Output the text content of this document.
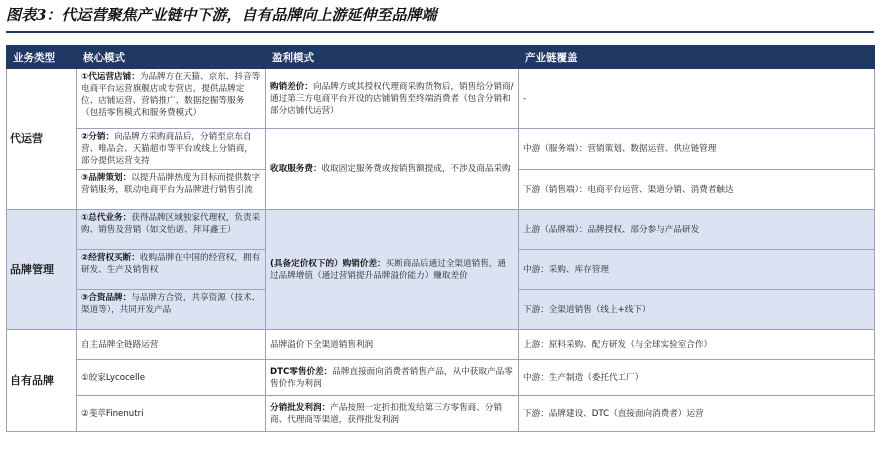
图表3：代运营聚焦产业链中下游，自有品牌向上游延伸至品牌端
业务类型	核心模式	盈利模式	产业链覆盖
代运营	①代运营店铺：为品牌方在天猫、京东、抖音等电商平台运营旗舰店或专营店，提供品牌定位、店铺运营、营销推广、数据挖掘等服务（包括零售模式和服务费模式）	购销差价：向品牌方或其授权代理商采购货物后，销售给分销商/通过第三方电商平台开设的店铺销售至终端消费者（包含分销和部分店铺代运营）	-
	②分销：向品牌方采购商品后，分销至京东自营、唯品会、天猫超市等平台或线上分销商，部分提供运营支持	收取服务费：收取固定服务费或按销售额提成，不涉及商品采购	中游（服务端）：营销策划、数据运营、供应链管理
	③品牌策划：以提升品牌热度为目标而提供数字营销服务，联动电商平台为品牌进行销售引流		下游（销售端）：电商平台运营、渠道分销、消费者触达
品牌管理	①总代业务：获得品牌区域独家代理权，负责采购、销售及营销（如文怡诺、拜耳鑫王）	(具备定价权下的）购销价差：买断商品后通过全渠道销售，通过品牌增值（通过营销提升品牌溢价能力）赚取差价	上游（品牌端）：品牌授权、部分参与产品研发
	②经营权买断：收购品牌在中国的经营权，拥有研发、生产及销售权		中游：采购、库存管理
	③合资品牌：与品牌方合资，共享资源（技术、渠道等），共同开发产品		下游：全渠道销售（线上+线下）
自有品牌	自主品牌全链路运营	品牌溢价下全渠道销售利润	上游：原料采购、配方研发（与全球实验室合作）
	①皎家Lycocelle	DTC零售价差：品牌直接面向消费者销售产品，从中获取产品零售价作为利润	中游：生产制造（委托代工厂）
	②斐萃Finenutri	分销批发利润：产品按照一定折扣批发给第三方零售商、分销商、代理商等渠道，获得批发利润	下游：品牌建设、DTC（直接面向消费者）运营
